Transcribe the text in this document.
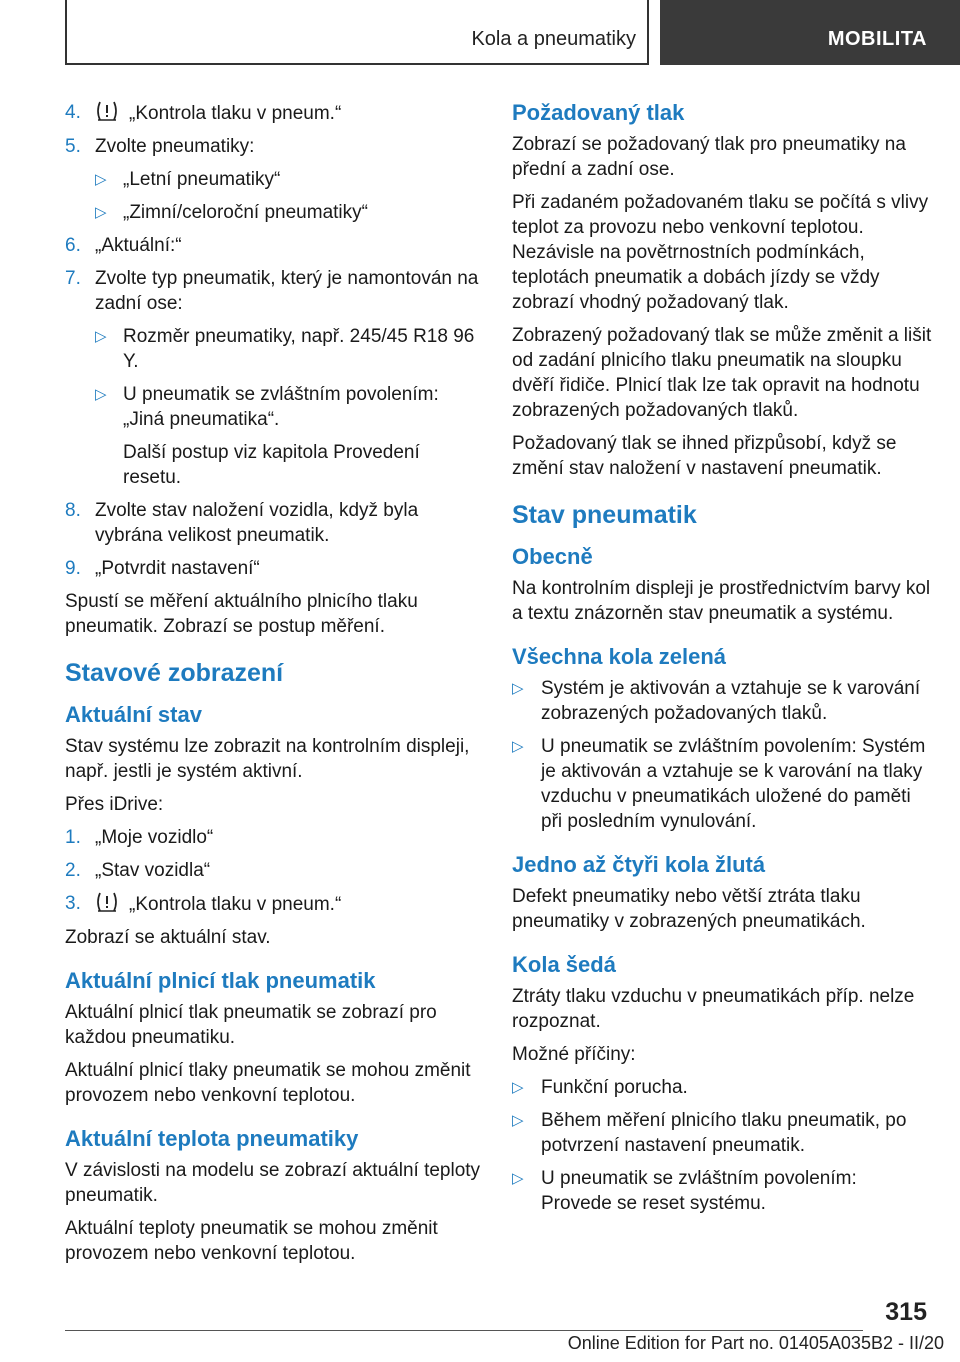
Kola a pneumatiky	MOBILITA
4.	„Kontrola tlaku v pneum.“
5. Zvolte pneumatiky:
▷ „Letní pneumatiky“
▷ „Zimní/celoroční pneumatiky“
6. „Aktuální:“
7. Zvolte typ pneumatik, který je namontován na zadní ose:
▷ Rozměr pneumatiky, např. 245/45 R18 96 Y.
▷ U pneumatik se zvláštním povolením: „Jiná pneumatika“.
Další postup viz kapitola Provedení resetu.
8. Zvolte stav naložení vozidla, když byla vybrána velikost pneumatik.
9. „Potvrdit nastavení“

Spustí se měření aktuálního plnicího tlaku pneumatik. Zobrazí se postup měření.

Stavové zobrazení
Aktuální stav

Stav systému lze zobrazit na kontrolním displeji, např. jestli je systém aktivní.

Přes iDrive:

1. „Moje vozidlo“
2. „Stav vozidla“
3.	„Kontrola tlaku v pneum.“

Zobrazí se aktuální stav.

Aktuální plnicí tlak pneumatik

Aktuální plnicí tlak pneumatik se zobrazí pro každou pneumatiku.

Aktuální plnicí tlaky pneumatik se mohou změnit provozem nebo venkovní teplotou.

Aktuální teplota pneumatiky

V závislosti na modelu se zobrazí aktuální teploty pneumatik.

Aktuální teploty pneumatik se mohou změnit provozem nebo venkovní teplotou.

Požadovaný tlak

Zobrazí se požadovaný tlak pro pneumatiky na přední a zadní ose.

Při zadaném požadovaném tlaku se počítá s vlivy teplot za provozu nebo venkovní teplotou. Nezávisle na povětrnostních podmínkách, teplotách pneumatik a dobách jízdy se vždy zobrazí vhodný požadovaný tlak.

Zobrazený požadovaný tlak se může změnit a lišit od zadání plnicího tlaku pneumatik na sloupku dvěří řidiče. Plnicí tlak lze tak opravit na hodnotu zobrazených požadovaných tlaků.

Požadovaný tlak se ihned přizpůsobí, když se změní stav naložení v nastavení pneumatik.

Stav pneumatik
Obecně

Na kontrolním displeji je prostřednictvím barvy kol a textu znázorněn stav pneumatik a systému.

Všechna kola zelená
▷ Systém je aktivován a vztahuje se k varování zobrazených požadovaných tlaků.
▷ U pneumatik se zvláštním povolením: Systém je aktivován a vztahuje se k varování na tlaky vzduchu v pneumatikách uložené do paměti při posledním vynulování.
Jedno až čtyři kola žlutá

Defekt pneumatiky nebo větší ztráta tlaku pneumatiky v zobrazených pneumatikách.

Kola šedá

Ztráty tlaku vzduchu v pneumatikách příp. nelze rozpoznat.

Možné příčiny:

▷ Funkční porucha.
▷ Během měření plnicího tlaku pneumatik, po potvrzení nastavení pneumatik.
▷ U pneumatik se zvláštním povolením: Provede se reset systému.
315
Online Edition for Part no. 01405A035B2 - II/20
